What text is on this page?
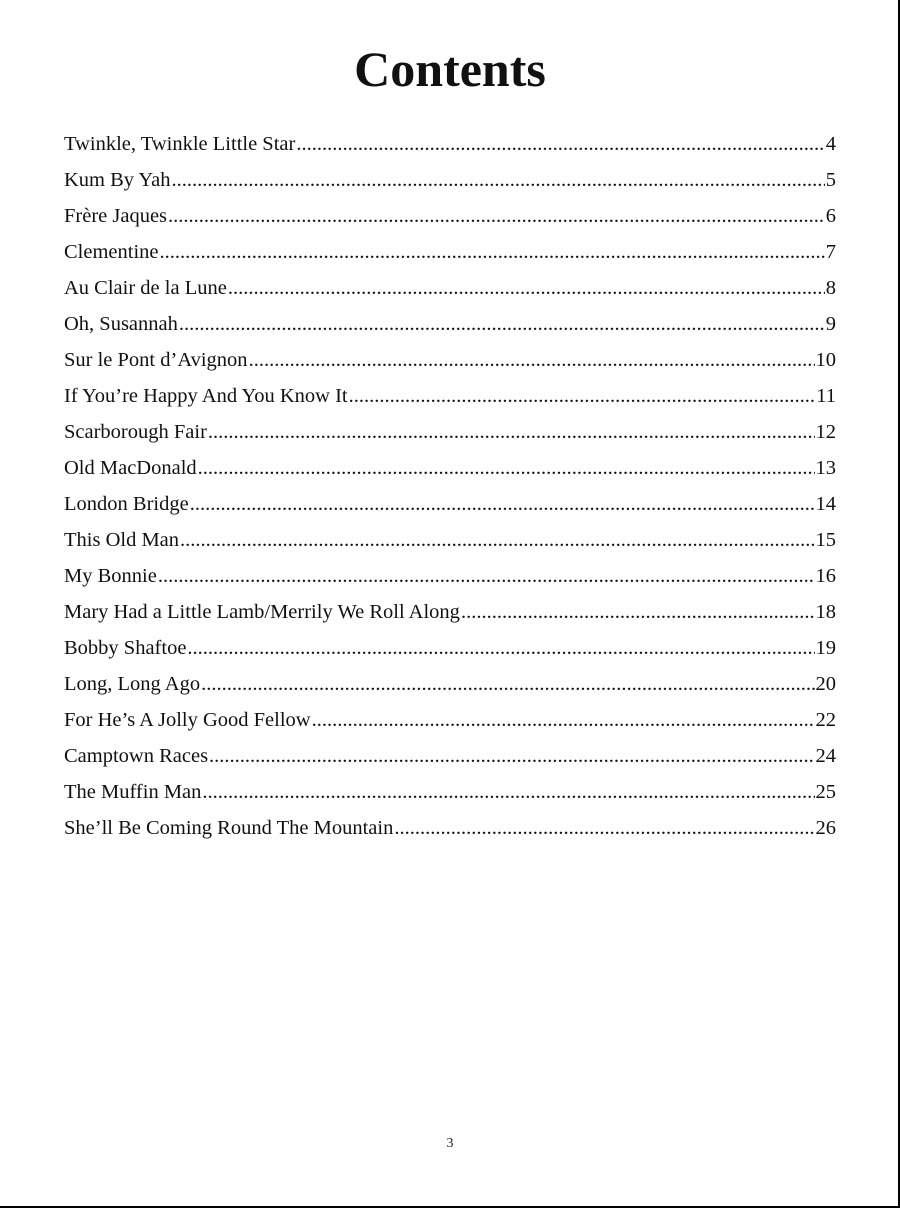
Contents
Twinkle, Twinkle Little Star .....	4
Kum By Yah .....	5
Frère Jaques .....	6
Clementine .....	7
Au Clair de la Lune .....	8
Oh, Susannah .....	9
Sur le Pont d’Avignon .....	10
If You’re Happy And You Know It .....	11
Scarborough Fair .....	12
Old MacDonald .....	13
London Bridge .....	14
This Old Man .....	15
My Bonnie .....	16
Mary Had a Little Lamb/Merrily We Roll Along .....	18
Bobby Shaftoe .....	19
Long, Long Ago .....	20
For He’s A Jolly Good Fellow .....	22
Camptown Races .....	24
The Muffin Man .....	25
She’ll Be Coming Round The Mountain .....	26
3
